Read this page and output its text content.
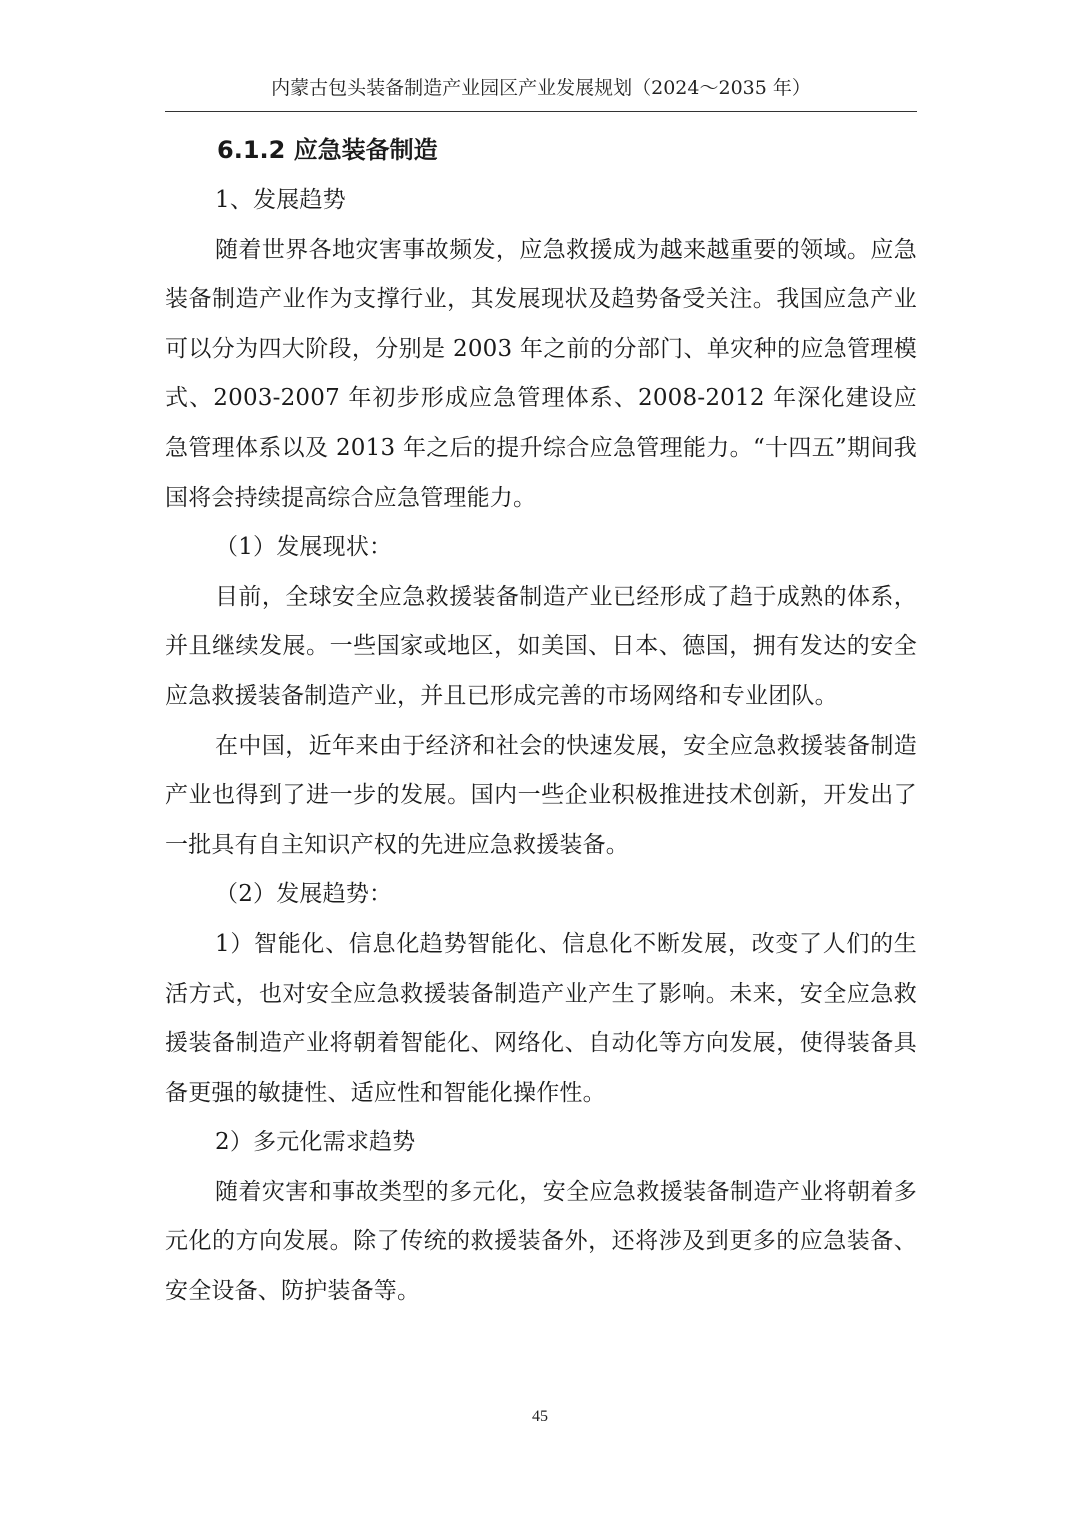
内蒙古包头装备制造产业园区产业发展规划（2024～2035 年）
6.1.2 应急装备制造

1、发展趋势

随着世界各地灾害事故频发，应急救援成为越来越重要的领域。应急装备制造产业作为支撑行业，其发展现状及趋势备受关注。我国应急产业可以分为四大阶段，分别是 2003 年之前的分部门、单灾种的应急管理模式、2003-2007 年初步形成应急管理体系、2008-2012 年深化建设应急管理体系以及 2013 年之后的提升综合应急管理能力。“十四五”期间我国将会持续提高综合应急管理能力。

（1）发展现状：

目前，全球安全应急救援装备制造产业已经形成了趋于成熟的体系，并且继续发展。一些国家或地区，如美国、日本、德国，拥有发达的安全应急救援装备制造产业，并且已形成完善的市场网络和专业团队。

在中国，近年来由于经济和社会的快速发展，安全应急救援装备制造产业也得到了进一步的发展。国内一些企业积极推进技术创新，开发出了一批具有自主知识产权的先进应急救援装备。

（2）发展趋势：

1）智能化、信息化趋势智能化、信息化不断发展，改变了人们的生活方式，也对安全应急救援装备制造产业产生了影响。未来，安全应急救援装备制造产业将朝着智能化、网络化、自动化等方向发展，使得装备具备更强的敏捷性、适应性和智能化操作性。

2）多元化需求趋势

随着灾害和事故类型的多元化，安全应急救援装备制造产业将朝着多元化的方向发展。除了传统的救援装备外，还将涉及到更多的应急装备、安全设备、防护装备等。

45
